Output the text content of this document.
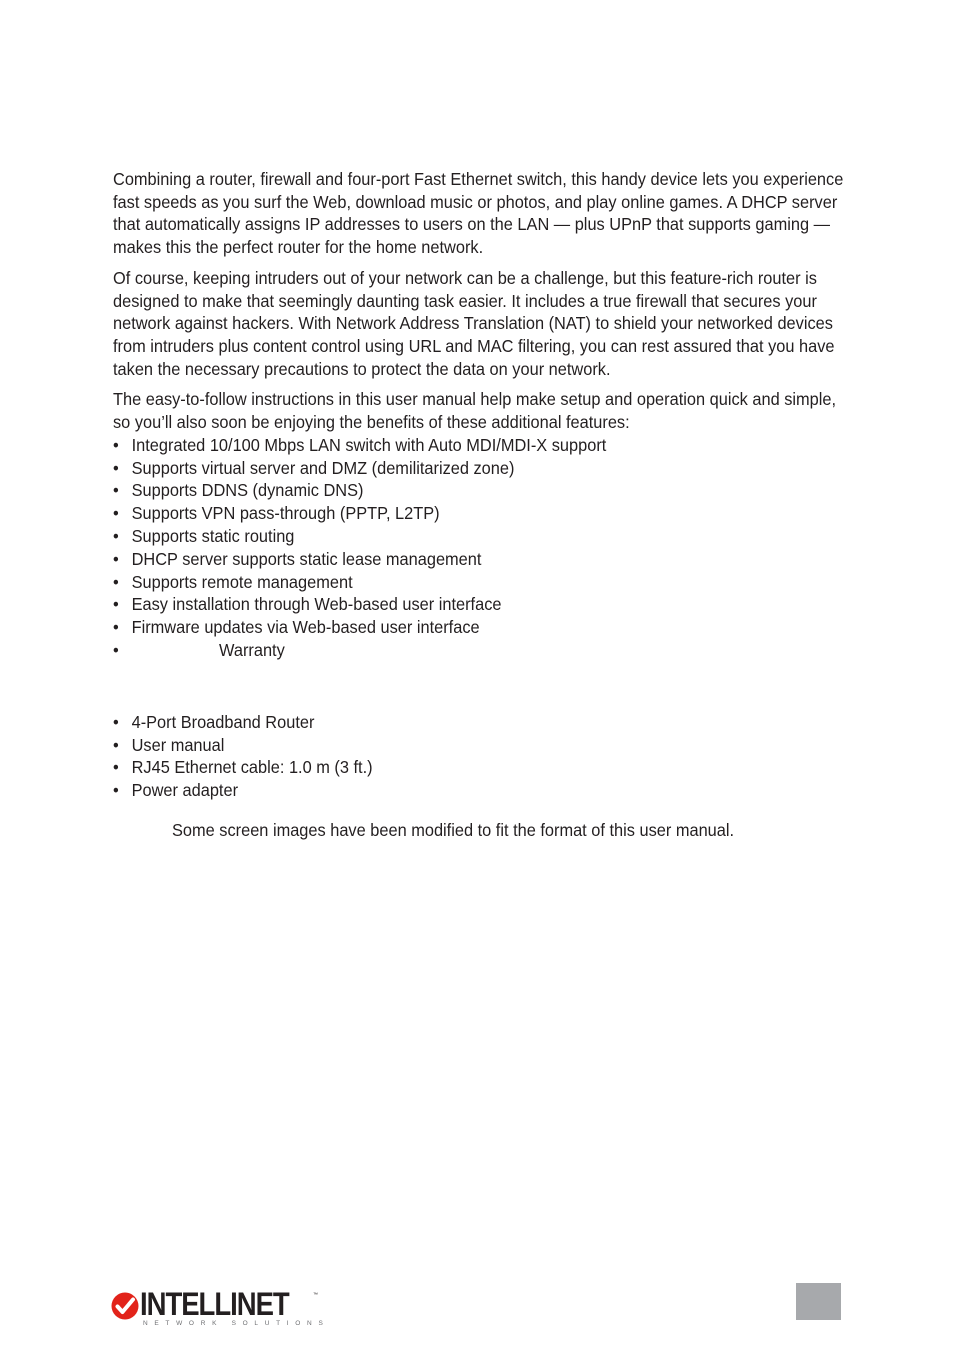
Combining a router, firewall and four-port Fast Ethernet switch, this handy device lets you experience fast speeds as you surf the Web, download music or photos, and play online games. A DHCP server that automatically assigns IP addresses to users on the LAN — plus UPnP that supports gaming — makes this the perfect router for the home network.

Of course, keeping intruders out of your network can be a challenge, but this feature-rich router is designed to make that seemingly daunting task easier. It includes a true firewall that secures your network against hackers. With Network Address Translation (NAT) to shield your networked devices from intruders plus content control using URL and MAC filtering, you can rest assured that you have taken the necessary precautions to protect the data on your network.

The easy-to-follow instructions in this user manual help make setup and operation quick and simple, so you’ll also soon be enjoying the benefits of these additional features:

• Integrated 10/100 Mbps LAN switch with Auto MDI/MDI-X support
• Supports virtual server and DMZ (demilitarized zone)
• Supports DDNS (dynamic DNS)
• Supports VPN pass-through (PPTP, L2TP)
• Supports static routing
• DHCP server supports static lease management
• Supports remote management
• Easy installation through Web-based user interface
• Firmware updates via Web-based user interface
•	Warranty
• 4-Port Broadband Router
• User manual
• RJ45 Ethernet cable: 1.0 m (3 ft.)
• Power adapter
Some screen images have been modified to fit the format of this user manual.
INTELLINET	™
NETWORK SOLUTIONS
